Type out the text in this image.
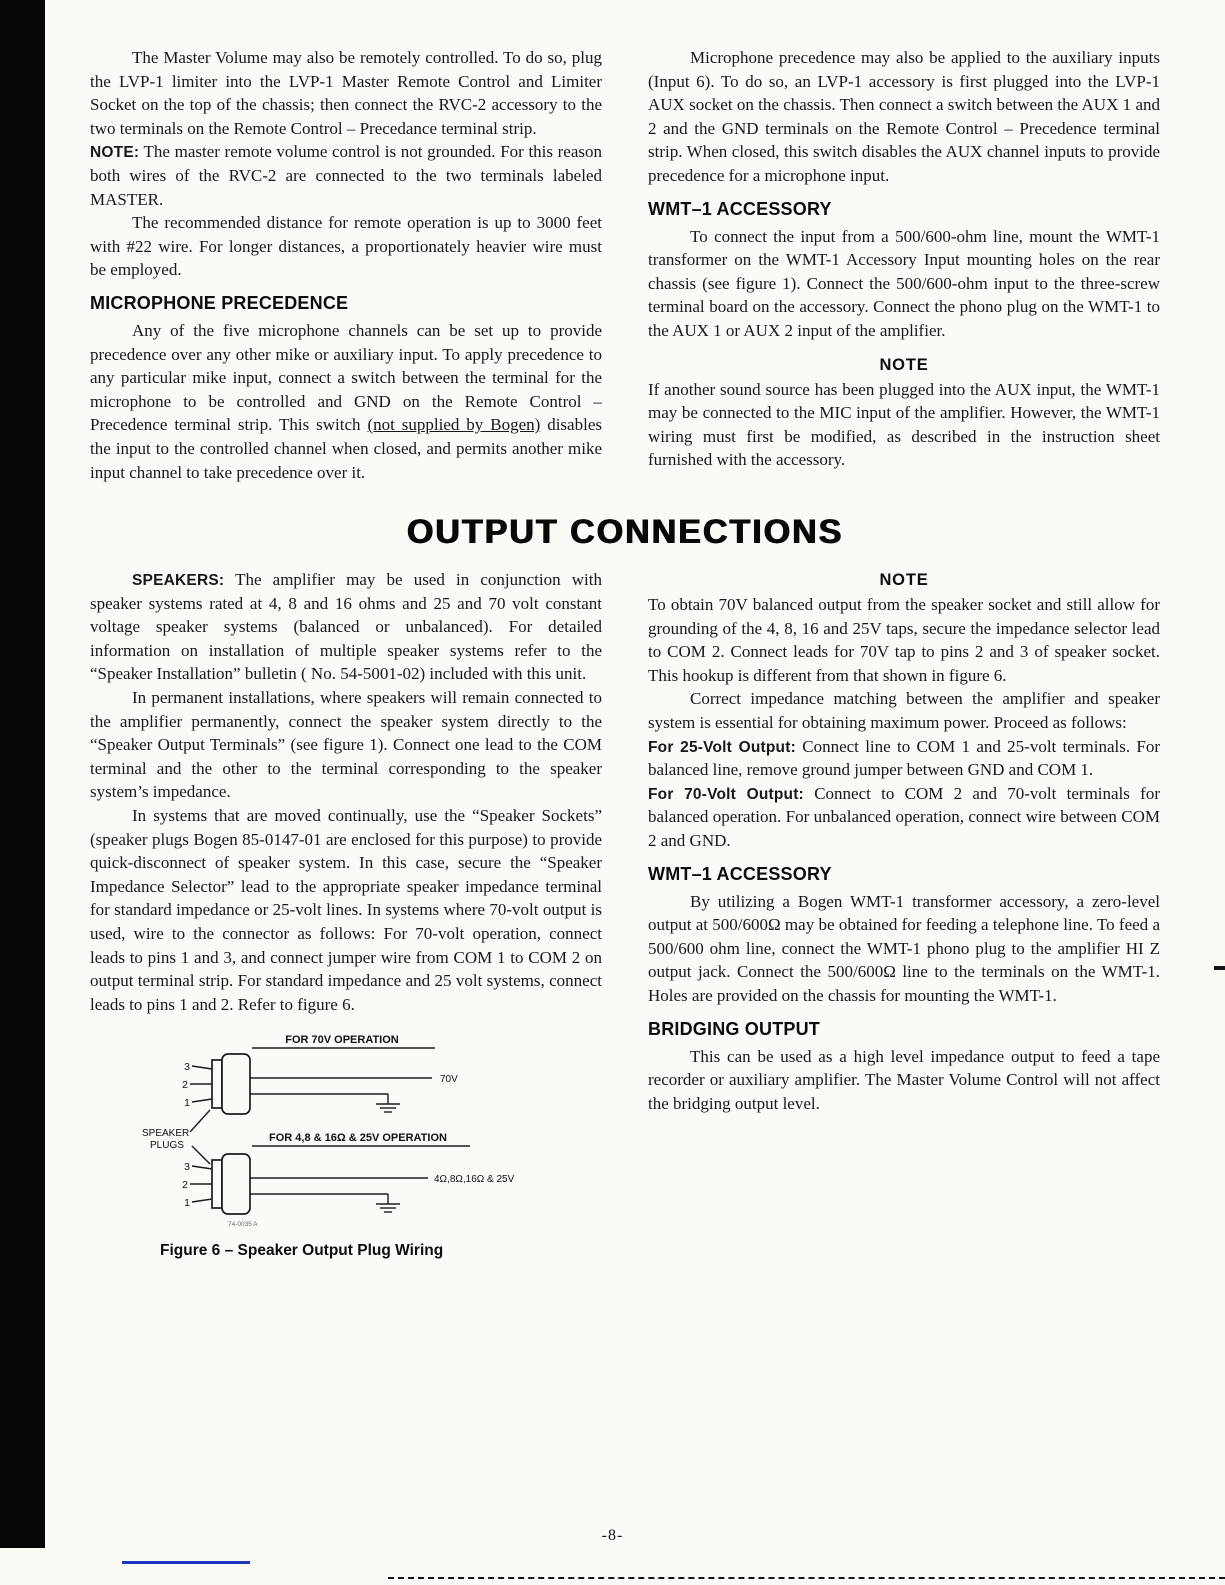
The Master Volume may also be remotely controlled. To do so, plug the LVP-1 limiter into the LVP-1 Master Remote Control and Limiter Socket on the top of the chassis; then connect the RVC-2 accessory to the two terminals on the Remote Control – Precedance terminal strip.

NOTE: The master remote volume control is not grounded. For this reason both wires of the RVC-2 are connected to the two terminals labeled MASTER.

The recommended distance for remote operation is up to 3000 feet with #22 wire. For longer distances, a proportionately heavier wire must be employed.

MICROPHONE PRECEDENCE

Any of the five microphone channels can be set up to provide precedence over any other mike or auxiliary input. To apply precedence to any particular mike input, connect a switch between the terminal for the microphone to be controlled and GND on the Remote Control – Precedence terminal strip. This switch (not supplied by Bogen) disables the input to the controlled channel when closed, and permits another mike input channel to take precedence over it.

Microphone precedence may also be applied to the auxiliary inputs (Input 6). To do so, an LVP-1 accessory is first plugged into the LVP-1 AUX socket on the chassis. Then connect a switch between the AUX 1 and 2 and the GND terminals on the Remote Control – Precedence terminal strip. When closed, this switch disables the AUX channel inputs to provide precedence for a microphone input.

WMT–1 ACCESSORY

To connect the input from a 500/600-ohm line, mount the WMT-1 transformer on the WMT-1 Accessory Input mounting holes on the rear chassis (see figure 1). Connect the 500/600-ohm input to the three-screw terminal board on the accessory. Connect the phono plug on the WMT-1 to the AUX 1 or AUX 2 input of the amplifier.

NOTE

If another sound source has been plugged into the AUX input, the WMT-1 may be connected to the MIC input of the amplifier. However, the WMT-1 wiring must first be modified, as described in the instruction sheet furnished with the accessory.

OUTPUT CONNECTIONS

SPEAKERS: The amplifier may be used in conjunction with speaker systems rated at 4, 8 and 16 ohms and 25 and 70 volt constant voltage speaker systems (balanced or unbalanced). For detailed information on installation of multiple speaker systems refer to the “Speaker Installation” bulletin ( No. 54-5001-02) included with this unit.

In permanent installations, where speakers will remain connected to the amplifier permanently, connect the speaker system directly to the “Speaker Output Terminals” (see figure 1). Connect one lead to the COM terminal and the other to the terminal corresponding to the speaker system’s impedance.

In systems that are moved continually, use the “Speaker Sockets” (speaker plugs Bogen 85-0147-01 are enclosed for this purpose) to provide quick-disconnect of speaker system. In this case, secure the “Speaker Impedance Selector” lead to the appropriate speaker impedance terminal for standard impedance or 25-volt lines. In systems where 70-volt output is used, wire to the connector as follows: For 70-volt operation, connect leads to pins 1 and 3, and connect jumper wire from COM 1 to COM 2 on output terminal strip. For standard impedance and 25 volt systems, connect leads to pins 1 and 2. Refer to figure 6.

FOR 70V OPERATION
3
2
1
70V
SPEAKER
PLUGS
FOR 4,8 & 16Ω & 25V OPERATION
3
2
1
4Ω,8Ω,16Ω & 25V
74-0035 A
Figure 6 – Speaker Output Plug Wiring
NOTE

To obtain 70V balanced output from the speaker socket and still allow for grounding of the 4, 8, 16 and 25V taps, secure the impedance selector lead to COM 2. Connect leads for 70V tap to pins 2 and 3 of speaker socket. This hookup is different from that shown in figure 6.

Correct impedance matching between the amplifier and speaker system is essential for obtaining maximum power. Proceed as follows:

For 25-Volt Output: Connect line to COM 1 and 25-volt terminals. For balanced line, remove ground jumper between GND and COM 1.

For 70-Volt Output: Connect to COM 2 and 70-volt terminals for balanced operation. For unbalanced operation, connect wire between COM 2 and GND.

WMT–1 ACCESSORY

By utilizing a Bogen WMT-1 transformer accessory, a zero-level output at 500/600Ω may be obtained for feeding a telephone line. To feed a 500/600 ohm line, connect the WMT-1 phono plug to the amplifier HI Z output jack. Connect the 500/600Ω line to the terminals on the WMT-1. Holes are provided on the chassis for mounting the WMT-1.

BRIDGING OUTPUT

This can be used as a high level impedance output to feed a tape recorder or auxiliary amplifier. The Master Volume Control will not affect the bridging output level.

-8-
